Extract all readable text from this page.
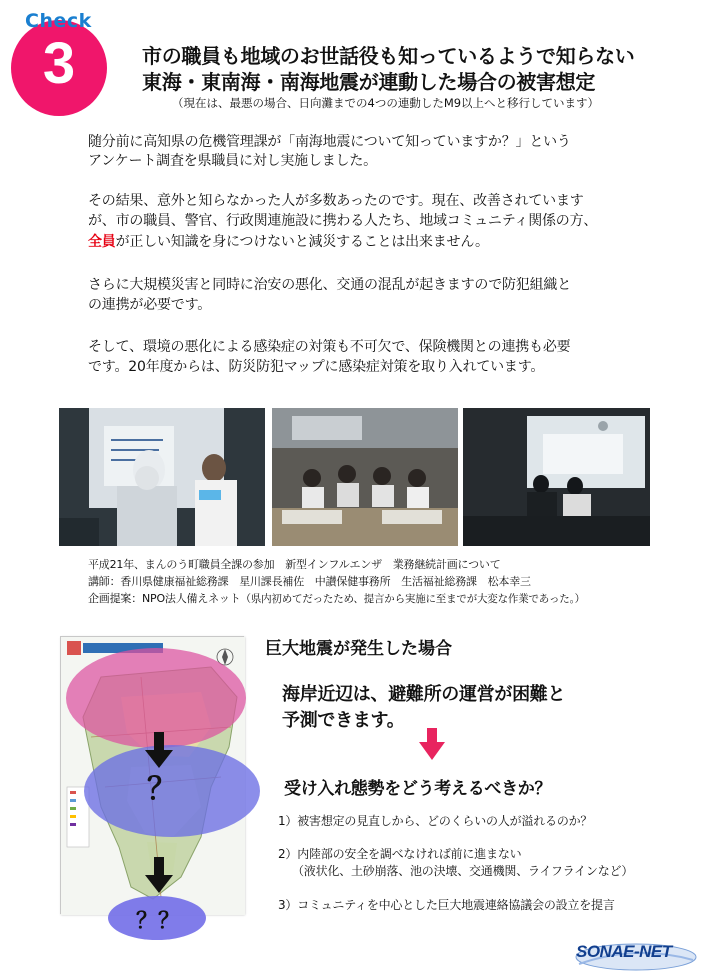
Check
3	市の職員も地域のお世話役も知っているようで知らない
東海・東南海・南海地震が連動した場合の被害想定
（現在は、最悪の場合、日向灘までの4つの連動したM9以上へと移行しています）
随分前に高知県の危機管理課が「南海地震について知っていますか？」という
アンケート調査を県職員に対し実施しました。
その結果、意外と知らなかった人が多数あったのです。現在、改善されています
が、市の職員、警官、行政関連施設に携わる人たち、地域コミュニティ関係の方、
全員が正しい知識を身につけないと減災することは出来ません。
さらに大規模災害と同時に治安の悪化、交通の混乱が起きますので防犯組織と
の連携が必要です。
そして、環境の悪化による感染症の対策も不可欠で、保険機関との連携も必要
です。20年度からは、防災防犯マップに感染症対策を取り入れています。
平成21年、まんのう町職員全課の参加　新型インフルエンザ　業務継続計画について
講師：香川県健康福祉総務課　星川課長補佐　中讃保健事務所　生活福祉総務課　松本幸三
企画提案：NPO法人備えネット（県内初めてだったため、提言から実施に至までが大変な作業であった。）
？
？？
巨大地震が発生した場合
海岸近辺は、避難所の運営が困難と
予測できます。
受け入れ態勢をどう考えるべきか？
1）被害想定の見直しから、どのくらいの人が溢れるのか？
2）内陸部の安全を調べなければ前に進まない
（液状化、土砂崩落、池の決壊、交通機関、ライフラインなど）
3）コミュニティを中心とした巨大地震連絡協議会の設立を提言
SONAE-NET
